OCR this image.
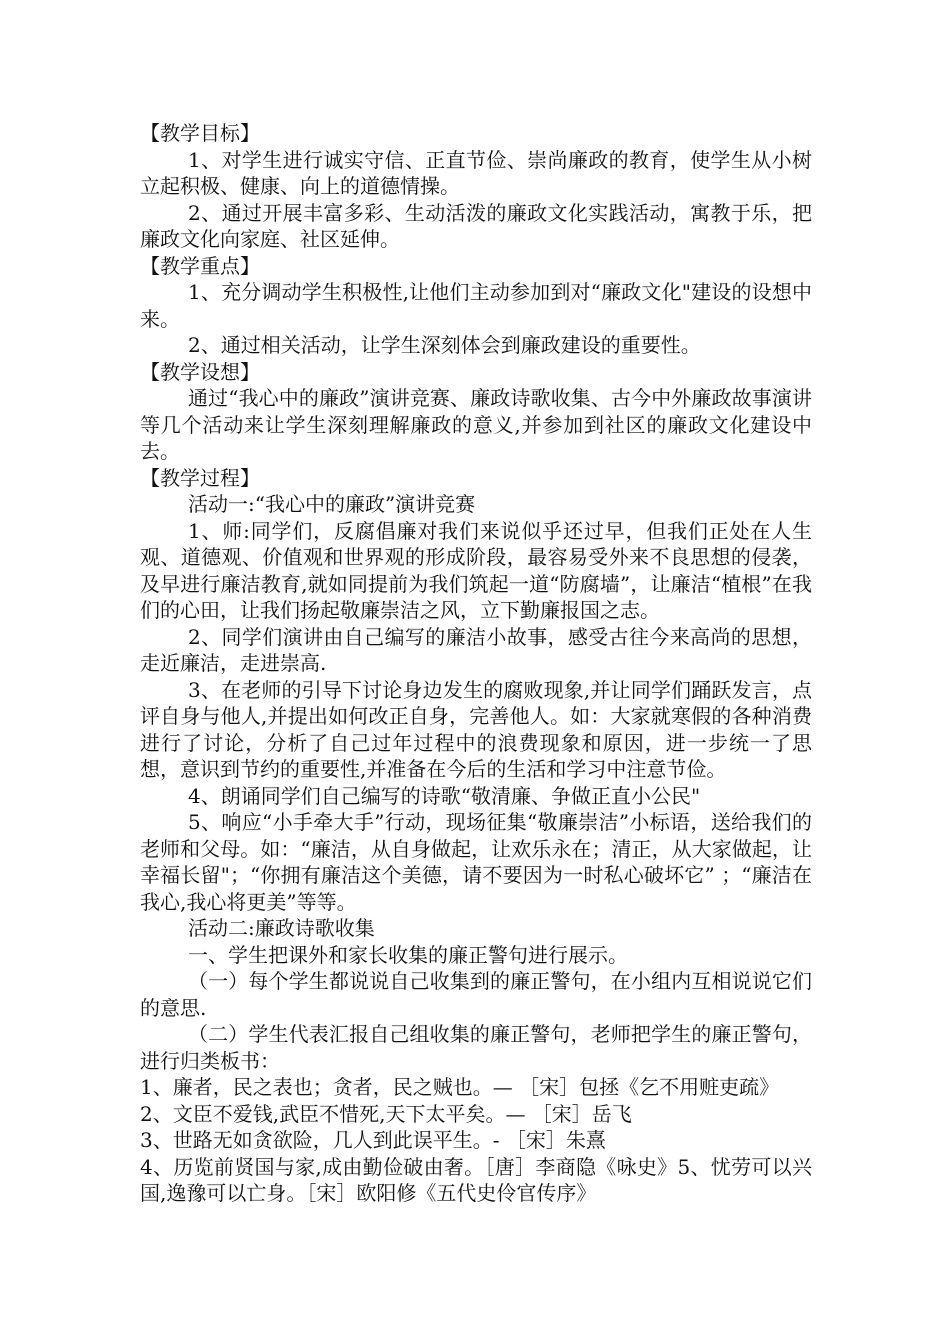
【教学目标】

1、对学生进行诚实守信、正直节俭、崇尚廉政的教育，使学生从小树立起积极、健康、向上的道德情操。

2、通过开展丰富多彩、生动活泼的廉政文化实践活动，寓教于乐，把廉政文化向家庭、社区延伸。

【教学重点】

1、充分调动学生积极性,让他们主动参加到对“廉政文化"建设的设想中来。

2、通过相关活动，让学生深刻体会到廉政建设的重要性。

【教学设想】

通过“我心中的廉政”演讲竞赛、廉政诗歌收集、古今中外廉政故事演讲等几个活动来让学生深刻理解廉政的意义,并参加到社区的廉政文化建设中去。

【教学过程】

活动一:“我心中的廉政”演讲竞赛

1、师:同学们，反腐倡廉对我们来说似乎还过早，但我们正处在人生观、道德观、价值观和世界观的形成阶段，最容易受外来不良思想的侵袭，及早进行廉洁教育,就如同提前为我们筑起一道“防腐墙”，让廉洁“植根”在我们的心田，让我们扬起敬廉崇洁之风，立下勤廉报国之志。

2、同学们演讲由自己编写的廉洁小故事，感受古往今来高尚的思想，走近廉洁，走进崇高.

3、在老师的引导下讨论身边发生的腐败现象,并让同学们踊跃发言，点评自身与他人,并提出如何改正自身，完善他人。如：大家就寒假的各种消费进行了讨论，分析了自己过年过程中的浪费现象和原因，进一步统一了思想，意识到节约的重要性,并准备在今后的生活和学习中注意节俭。

4、朗诵同学们自己编写的诗歌“敬清廉、争做正直小公民"

5、响应“小手牵大手”行动，现场征集“敬廉崇洁”小标语，送给我们的老师和父母。如：“廉洁，从自身做起，让欢乐永在；清正，从大家做起，让幸福长留"；“你拥有廉洁这个美德，请不要因为一时私心破坏它” ；“廉洁在我心,我心将更美”等等。

活动二:廉政诗歌收集

一、学生把课外和家长收集的廉正警句进行展示。

（一）每个学生都说说自己收集到的廉正警句，在小组内互相说说它们的意思.

（二）学生代表汇报自己组收集的廉正警句，老师把学生的廉正警句，进行归类板书：

1、廉者，民之表也；贪者，民之贼也。— ［宋］包拯《乞不用赃吏疏》

2、文臣不爱钱,武臣不惜死,天下太平矣。— ［宋］岳飞

3、世路无如贪欲险，几人到此误平生。- ［宋］朱熹

4、历览前贤国与家,成由勤俭破由奢。［唐］李商隐《咏史》5、忧劳可以兴国,逸豫可以亡身。［宋］欧阳修《五代史伶官传序》
